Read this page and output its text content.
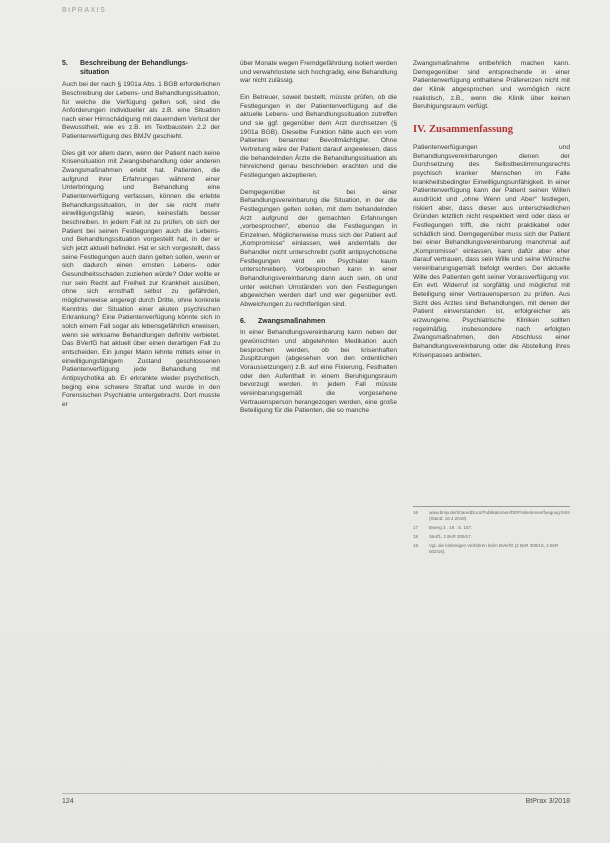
BtPRAXIS
5. Beschreibung der Behandlungs-
situation

Auch bei der nach § 1901a Abs. 1 BGB erforderlichen Beschreibung der Lebens- und Behandlungssituation, für welche die Verfügung gelten soll, sind die Anforderungen individueller als z.B. eine Situation nach einer Hirnschädigung mit dauerndem Verlust der Bewusstheit, wie es z.B. im Textbaustein 2.2 der Patientenverfügung des BMJV geschieht.

Dies gilt vor allem dann, wenn der Patient nach keine Krisensituation mit Zwangsbehandlung oder anderen Zwangsmaßnahmen erlebt hat. Patienten, die aufgrund ihrer Erfahrungen während einer Unterbringung und Behandlung eine Patientenverfügung verfassen, können die erlebte Behandlungssituation, in der sie nicht mehr einwilligungsfähig waren, keinesfalls besser beschreiben. In jedem Fall ist zu prüfen, ob sich der Patient bei seinen Festlegungen auch die Lebens- und Behandlungssituation vorgestellt hat, in der er sich jetzt aktuell befindet. Hat er sich vorgestellt, dass seine Festlegungen auch dann gelten sollen, wenn er sich dadurch einen ernsten Lebens- oder Gesundheitsschaden zuziehen würde? Oder wollte er nur sein Recht auf Freiheit zur Krankheit ausüben, ohne sich ernsthaft selbst zu gefährden, möglicherweise angeregt durch Dritte, ohne konkrete Kenntnis der Situation einer akuten psychischen Erkrankung? Eine Patientenverfügung könnte sich in solch einem Fall sogar als lebensgefährlich erweisen, wenn sie wirksame Behandlungen definitiv verbietet. Das BVerfG hat aktuell über einen derartigen Fall zu entscheiden. Ein junger Mann lehnte mittels einer in einwilligungsfähigem Zustand geschlossenen Patientenverfügung jede Behandlung mit Antipsychotika ab. Er erkrankte wieder psychotisch, beging eine schwere Straftat und wurde in den Forensischen Psychiatrie untergebracht. Dort musste er

über Monate wegen Fremdgefährdung isoliert werden und verwahrlostete sich hochgradig, eine Behandlung war nicht zulässig.

Ein Betreuer, soweit bestellt, müsste prüfen, ob die Festlegungen in der Patientenverfügung auf die aktuelle Lebens- und Behandlungssituation zutreffen und sie ggf. gegenüber dem Arzt durchsetzen (§ 1901a BGB). Dieselbe Funktion hätte auch ein vom Patienten benannter Bevollmächtigter. Ohne Vertretung wäre der Patient darauf angewiesen, dass die behandelnden Ärzte die Behandlungssituation als hinreichend genau beschrieben erachten und die Festlegungen akzeptieren.

Demgegenüber ist bei einer Behandlungsvereinbarung die Situation, in der die Festlegungen gelten sollen, mit dem behandelnden Arzt aufgrund der gemachten Erfahrungen „vorbesprochen“, ebenso die Festlegungen in Einzelnen. Möglicherweise muss sich der Patient auf „Kompromisse“ einlassen, weil andernfalls der Behandler nicht unterschreibt (sofilt antipsychotische Festlegungen wird ein Psychiater kaum unterschreiben). Vorbesprochen kann in einer Behandlungsvereinbarung dann auch sein, ob und unter welchen Umständen von den Festlegungen abgewichen werden darf und wer gegenüber evtl. Abweichungen zu rechtfertigen sind.

6. Zwangsmaßnahmen

In einer Behandlungsvereinbarung kann neben der gewünschten und abgelehnten Medikation auch besprochen werden, ob bei krisenhaften Zuspitzungen (abgesehen von den ordentlichen Voraussetzungen) z.B. auf eine Fixierung, Festhalten oder den Aufenthalt in einem Beruhigungsraum bevorzugt werden. In jedem Fall müsste vereinbarungsgemäß die vorgesehene Vertrauensperson herangezogen werden, eine große Beteiligung für die Patienten, die so manche

Zwangsmaßnahme entbehrlich machen kann. Demgegenüber sind entsprechende in einer Patientenverfügung enthaltene Präferenzen nicht mit der Klinik abgesprochen und womöglich nicht realistisch, z.B., wenn die Klinik über keinen Beruhigungsraum verfügt.

IV. Zusammenfassung

Patientenverfügungen und Behandlungsvereinbarungen dienen der Durchsetzung des Selbstbestimmungsrechts psychisch kranker Menschen im Falle krankheitsbedingter Einwilligungsunfähigkeit. In einer Patientenverfügung kann der Patient seinen Willen ausdrückt und „ohne Wenn und Aber“ festlegen, riskiert aber, dass dieser aus unterschiedlichen Gründen letztlich nicht respektiert wird oder dass er Festlegungen trifft, die nicht praktikabel oder schädlich sind. Demgegenüber muss sich der Patient bei einer Behandlungsvereinbarung manchmal auf „Kompromisse“ einlassen, kann dafür aber eher darauf vertrauen, dass sein Wille und seine Wünsche vereinbarungsgemäß befolgt werden. Der aktuelle Wille des Patienten geht seiner Vorausverfügung vor. Ein evtl. Widerruf ist sorgfältig und möglichst mit Beteiligung einer Vertrauensperson zu prüfen. Aus Sicht des Arztes sind Behandlungen, mit denen der Patient einverstanden ist, erfolgreicher als erzwungene. Psychiatrische Kliniken sollten regelmäßig, insbesondere nach erfolgten Zwangsmaßnahmen, den Abschluss einer Behandlungsvereinbarung oder die Abstellung ihres Krisenpasses anbieten.

16	www.bmjv.de/SharedDocs/Publikationen/DE/Patientenverfuegung.html (Stand: 16.4.2018).
17	Bwerg 3 . 19 . S. 157.
18	Sterf1, 2 BvR 309/17.
19	Vgl. die bisherigen Verfahren beim BVerfG (2 BvR 309/15, 2 BvR 502/16).
124	BtPrax 3/2018
